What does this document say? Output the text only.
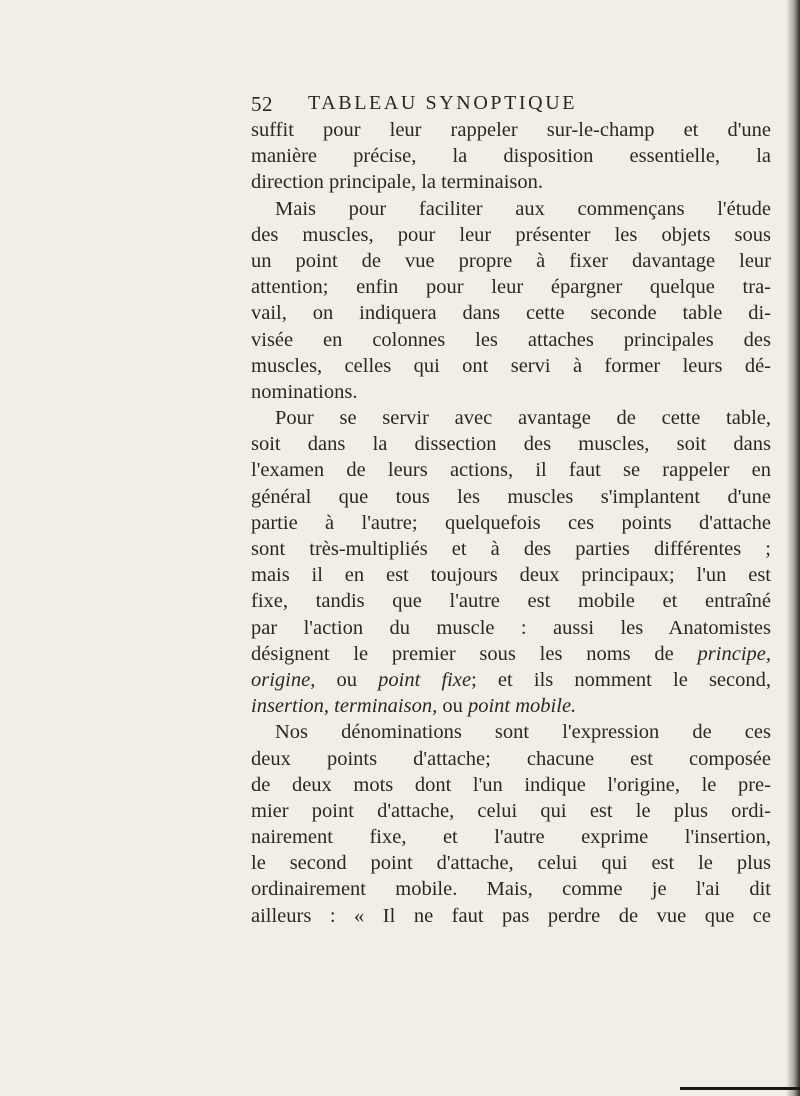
52 TABLEAU SYNOPTIQUE
suffit pour leur rappeler sur-le-champ et d'une
manière précise, la disposition essentielle, la
direction principale, la terminaison.
Mais pour faciliter aux commençans l'étude
des muscles, pour leur présenter les objets sous
un point de vue propre à fixer davantage leur
attention; enfin pour leur épargner quelque tra-
vail, on indiquera dans cette seconde table di-
visée en colonnes les attaches principales des
muscles, celles qui ont servi à former leurs dé-
nominations.
Pour se servir avec avantage de cette table,
soit dans la dissection des muscles, soit dans
l'examen de leurs actions, il faut se rappeler en
général que tous les muscles s'implantent d'une
partie à l'autre; quelquefois ces points d'attache
sont très-multipliés et à des parties différentes ;
mais il en est toujours deux principaux; l'un est
fixe, tandis que l'autre est mobile et entraîné
par l'action du muscle : aussi les Anatomistes
désignent le premier sous les noms de principe,
origine, ou point fixe; et ils nomment le second,
insertion, terminaison, ou point mobile.
Nos dénominations sont l'expression de ces
deux points d'attache; chacune est composée
de deux mots dont l'un indique l'origine, le pre-
mier point d'attache, celui qui est le plus ordi-
nairement fixe, et l'autre exprime l'insertion,
le second point d'attache, celui qui est le plus
ordinairement mobile. Mais, comme je l'ai dit
ailleurs : « Il ne faut pas perdre de vue que ce
